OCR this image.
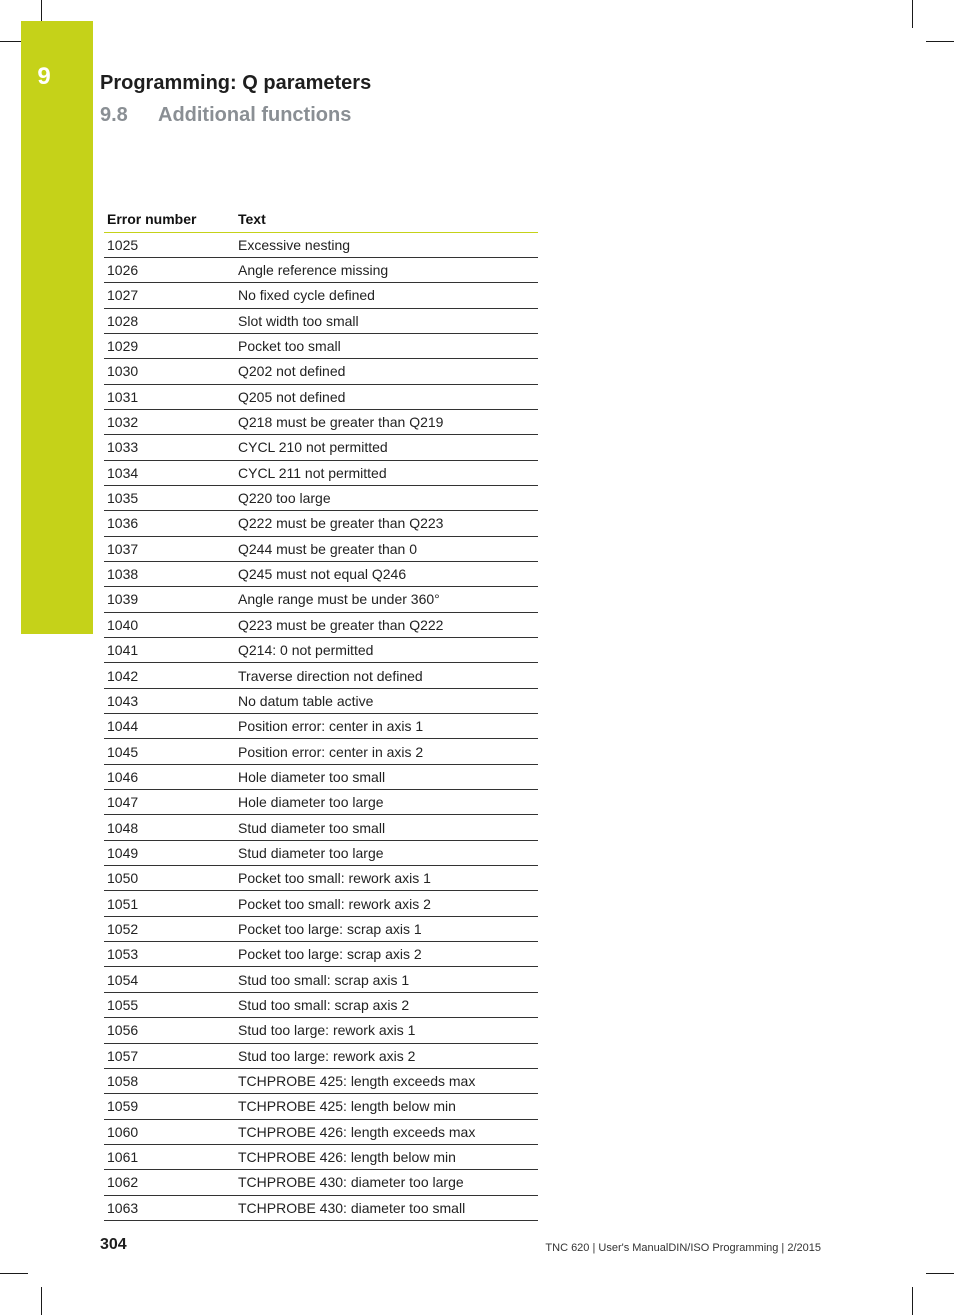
9	Programming: Q parameters
9.8 Additional functions
Error number	Text
1025	Excessive nesting
1026	Angle reference missing
1027	No fixed cycle defined
1028	Slot width too small
1029	Pocket too small
1030	Q202 not defined
1031	Q205 not defined
1032	Q218 must be greater than Q219
1033	CYCL 210 not permitted
1034	CYCL 211 not permitted
1035	Q220 too large
1036	Q222 must be greater than Q223
1037	Q244 must be greater than 0
1038	Q245 must not equal Q246
1039	Angle range must be under 360°
1040	Q223 must be greater than Q222
1041	Q214: 0 not permitted
1042	Traverse direction not defined
1043	No datum table active
1044	Position error: center in axis 1
1045	Position error: center in axis 2
1046	Hole diameter too small
1047	Hole diameter too large
1048	Stud diameter too small
1049	Stud diameter too large
1050	Pocket too small: rework axis 1
1051	Pocket too small: rework axis 2
1052	Pocket too large: scrap axis 1
1053	Pocket too large: scrap axis 2
1054	Stud too small: scrap axis 1
1055	Stud too small: scrap axis 2
1056	Stud too large: rework axis 1
1057	Stud too large: rework axis 2
1058	TCHPROBE 425: length exceeds max
1059	TCHPROBE 425: length below min
1060	TCHPROBE 426: length exceeds max
1061	TCHPROBE 426: length below min
1062	TCHPROBE 430: diameter too large
1063	TCHPROBE 430: diameter too small
304	TNC 620 | User's ManualDIN/ISO Programming | 2/2015
